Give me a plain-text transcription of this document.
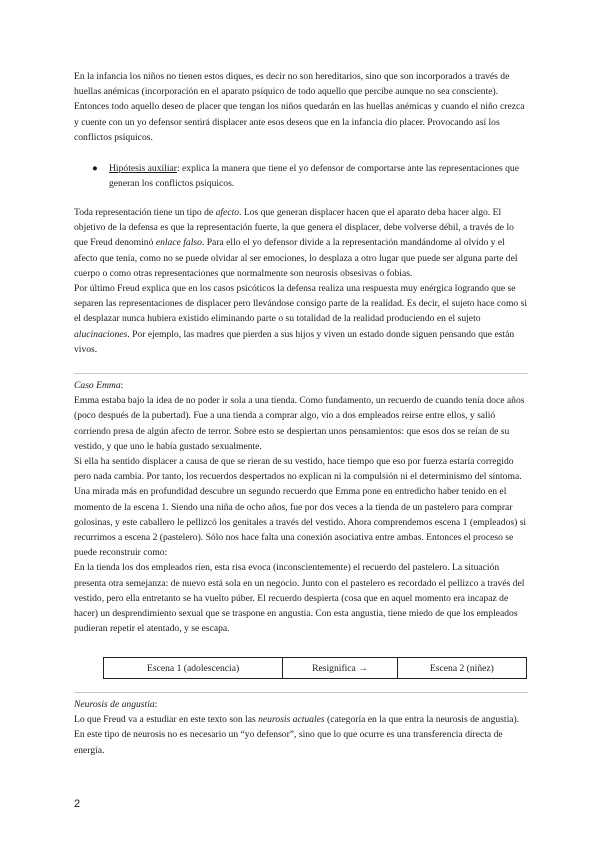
En la infancia los niños no tienen estos diques, es decir no son hereditarios, sino que son incorporados a través de huellas anémicas (incorporación en el aparato psíquico de todo aquello que percibe aunque no sea consciente). Entonces todo aquello deseo de placer que tengan los niños quedarán en las huellas anémicas y cuando el niño crezca y cuente con un yo defensor sentirá displacer ante esos deseos que en la infancia dio placer. Provocando así los conflictos psíquicos.

● Hipótesis auxiliar: explica la manera que tiene el yo defensor de comportarse ante las representaciones que generan los conflictos psíquicos.

Toda representación tiene un tipo de afecto. Los que generan displacer hacen que el aparato deba hacer algo. El objetivo de la defensa es que la representación fuerte, la que genera el displacer, debe volverse débil, a través de lo que Freud denominó enlace falso. Para ello el yo defensor divide a la representación mandándome al olvido y el afecto que tenía, como no se puede olvidar al ser emociones, lo desplaza a otro lugar que puede ser alguna parte del cuerpo o como otras representaciones que normalmente son neurosis obsesivas o fobias.

Por último Freud explica que en los casos psicóticos la defensa realiza una respuesta muy enérgica logrando que se separen las representaciones de displacer pero llevándose consigo parte de la realidad. Es decir, el sujeto hace como si el desplazar nunca hubiera existido eliminando parte o su totalidad de la realidad produciendo en el sujeto alucinaciones. Por ejemplo, las madres que pierden a sus hijos y viven un estado donde siguen pensando que están vivos.

Caso Emma:

Emma estaba bajo la idea de no poder ir sola a una tienda. Como fundamento, un recuerdo de cuando tenía doce años (poco después de la pubertad). Fue a una tienda a comprar algo, vio a dos empleados reirse entre ellos, y salió corriendo presa de algún afecto de terror. Sobre esto se despiertan unos pensamientos: que esos dos se reían de su vestido, y que uno le había gustado sexualmente.

Si ella ha sentido displacer a causa de que se rieran de su vestido, hace tiempo que eso por fuerza estaría corregido pero nada cambia. Por tanto, los recuerdos despertados no explican ni la compulsión ni el determinismo del síntoma. Una mirada más en profundidad descubre un segundo recuerdo que Emma pone en entredicho haber tenido en el momento de la escena 1. Siendo una niña de ocho años, fue por dos veces a la tienda de un pastelero para comprar golosinas, y este caballero le pellizcó los genitales a través del vestido. Ahora comprendemos escena 1 (empleados) si recurrimos a escena 2 (pastelero). Sólo nos hace falta una conexión asociativa entre ambas. Entonces el proceso se puede reconstruir como:

En la tienda los dos empleados ríen, esta risa evoca (inconscientemente) el recuerdo del pastelero. La situación presenta otra semejanza: de nuevo está sola en un negocio. Junto con el pastelero es recordado el pellizco a través del vestido, pero ella entretanto se ha vuelto púber. El recuerdo despierta (cosa que en aquel momento era incapaz de hacer) un desprendimiento sexual que se traspone en angustia. Con esta angustia, tiene miedo de que los empleados pudieran repetir el atentado, y se escapa.

Escena 1 (adolescencia)	Resignifica →	Escena 2 (niñez)

Neurosis de angustia:

Lo que Freud va a estudiar en este texto son las neurosis actuales (categoría en la que entra la neurosis de angustia). En este tipo de neurosis no es necesario un “yo defensor”, sino que lo que ocurre es una transferencia directa de energía.

2
